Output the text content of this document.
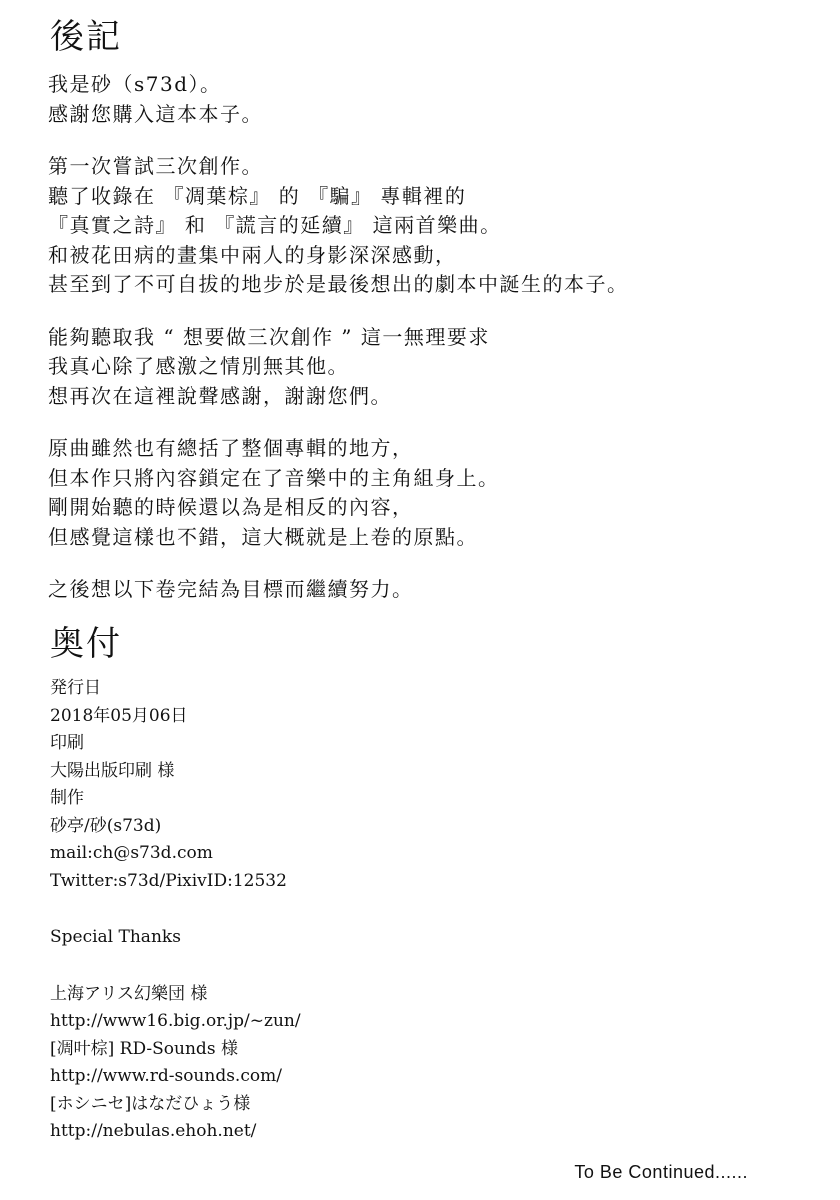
後記

我是砂（s73d）。
感謝您購入這本本子。

第一次嘗試三次創作。
聽了收錄在 『凋葉棕』 的 『騙』 專輯裡的
『真實之詩』 和 『謊言的延續』 這兩首樂曲。
和被花田病的畫集中兩人的身影深深感動，
甚至到了不可自拔的地步於是最後想出的劇本中誕生的本子。

能夠聽取我 “ 想要做三次創作 ” 這一無理要求
我真心除了感激之情別無其他。
想再次在這裡說聲感謝，謝謝您們。

原曲雖然也有總括了整個專輯的地方，
但本作只將內容鎖定在了音樂中的主角組身上。
剛開始聽的時候還以為是相反的內容，
但感覺這樣也不錯，這大概就是上卷的原點。

之後想以下卷完結為目標而繼續努力。

奥付
発行日
2018年05月06日
印刷
大陽出版印刷 様
制作
砂亭/砂(s73d)
mail:ch@s73d.com
Twitter:s73d/PixivID:12532
Special Thanks
上海アリス幻樂団 様
http://www16.big.or.jp/~zun/
[凋叶棕] RD-Sounds 様
http://www.rd-sounds.com/
[ホシニセ]はなだひょう様
http://nebulas.ehoh.net/
To Be Continued......
